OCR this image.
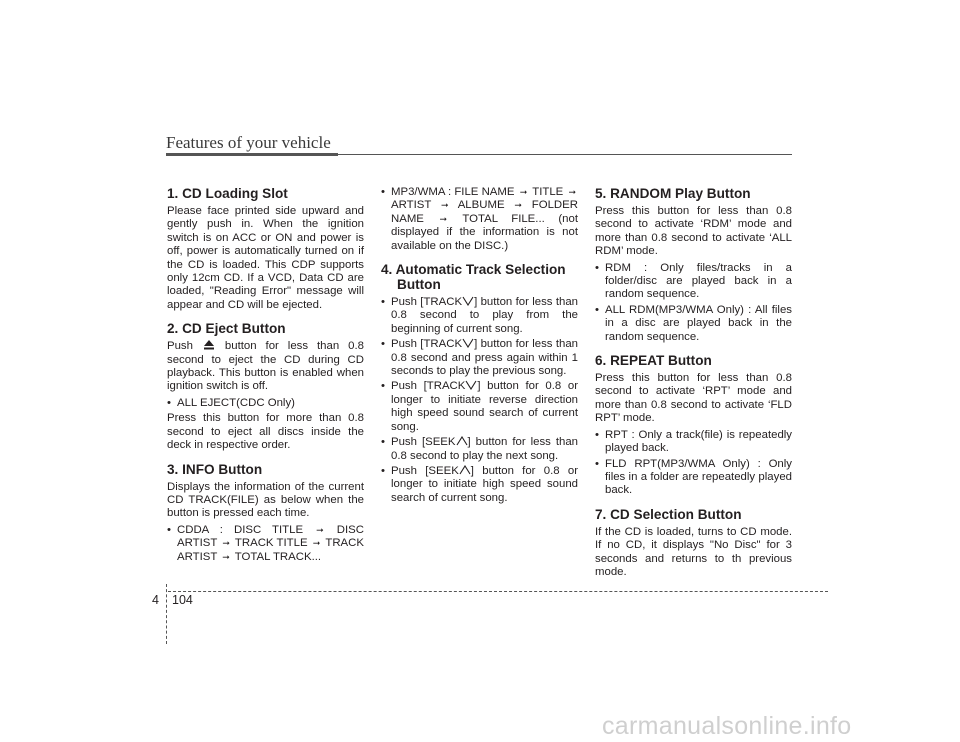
Features of your vehicle
1. CD Loading Slot
Please face printed side upward and gently push in. When the ignition switch is on ACC or ON and power is off, power is automatically turned on if the CD is loaded. This CDP supports only 12cm CD. If a VCD, Data CD are loaded, "Reading Error" message will appear and CD will be ejected.
2. CD Eject Button
Push	button for less than 0.8 second to eject the CD during CD playback. This button is enabled when ignition switch is off.
• ALL EJECT(CDC Only)
Press this button for more than 0.8 second to eject all discs inside the deck in respective order.
3. INFO Button
Displays the information of the current CD TRACK(FILE) as below when the button is pressed each time.
• CDDA : DISC TITLE ➞ DISC ARTIST ➞ TRACK TITLE ➞ TRACK ARTIST ➞ TOTAL TRACK...
• MP3/WMA : FILE NAME ➞ TITLE ➞ ARTIST ➞ ALBUME ➞ FOLDER NAME ➞ TOTAL FILE... (not displayed if the information is not available on the DISC.)
4. Automatic Track Selection Button
• Push [TRACK ] button for less than 0.8 second to play from the beginning of current song.
• Push [TRACK ] button for less than 0.8 second and press again within 1 seconds to play the previous song.
• Push [TRACK ] button for 0.8 or longer to initiate reverse direction high speed sound search of current song.
• Push [SEEK ] button for less than 0.8 second to play the next song.
• Push [SEEK ] button for 0.8 or longer to initiate high speed sound search of current song.
5. RANDOM Play Button
Press this button for less than 0.8 second to activate ‘RDM’ mode and more than 0.8 second to activate ‘ALL RDM’ mode.
• RDM : Only files/tracks in a folder/disc are played back in a random sequence.
• ALL RDM(MP3/WMA Only) : All files in a disc are played back in the random sequence.
6. REPEAT Button
Press this button for less than 0.8 second to activate ‘RPT’ mode and more than 0.8 second to activate ‘FLD RPT’ mode.
• RPT : Only a track(file) is repeatedly played back.
• FLD RPT(MP3/WMA Only) : Only files in a folder are repeatedly played back.
7. CD Selection Button
If the CD is loaded, turns to CD mode. If no CD, it displays "No Disc" for 3 seconds and returns to th previous mode.
4 104
carmanualsonline.info
